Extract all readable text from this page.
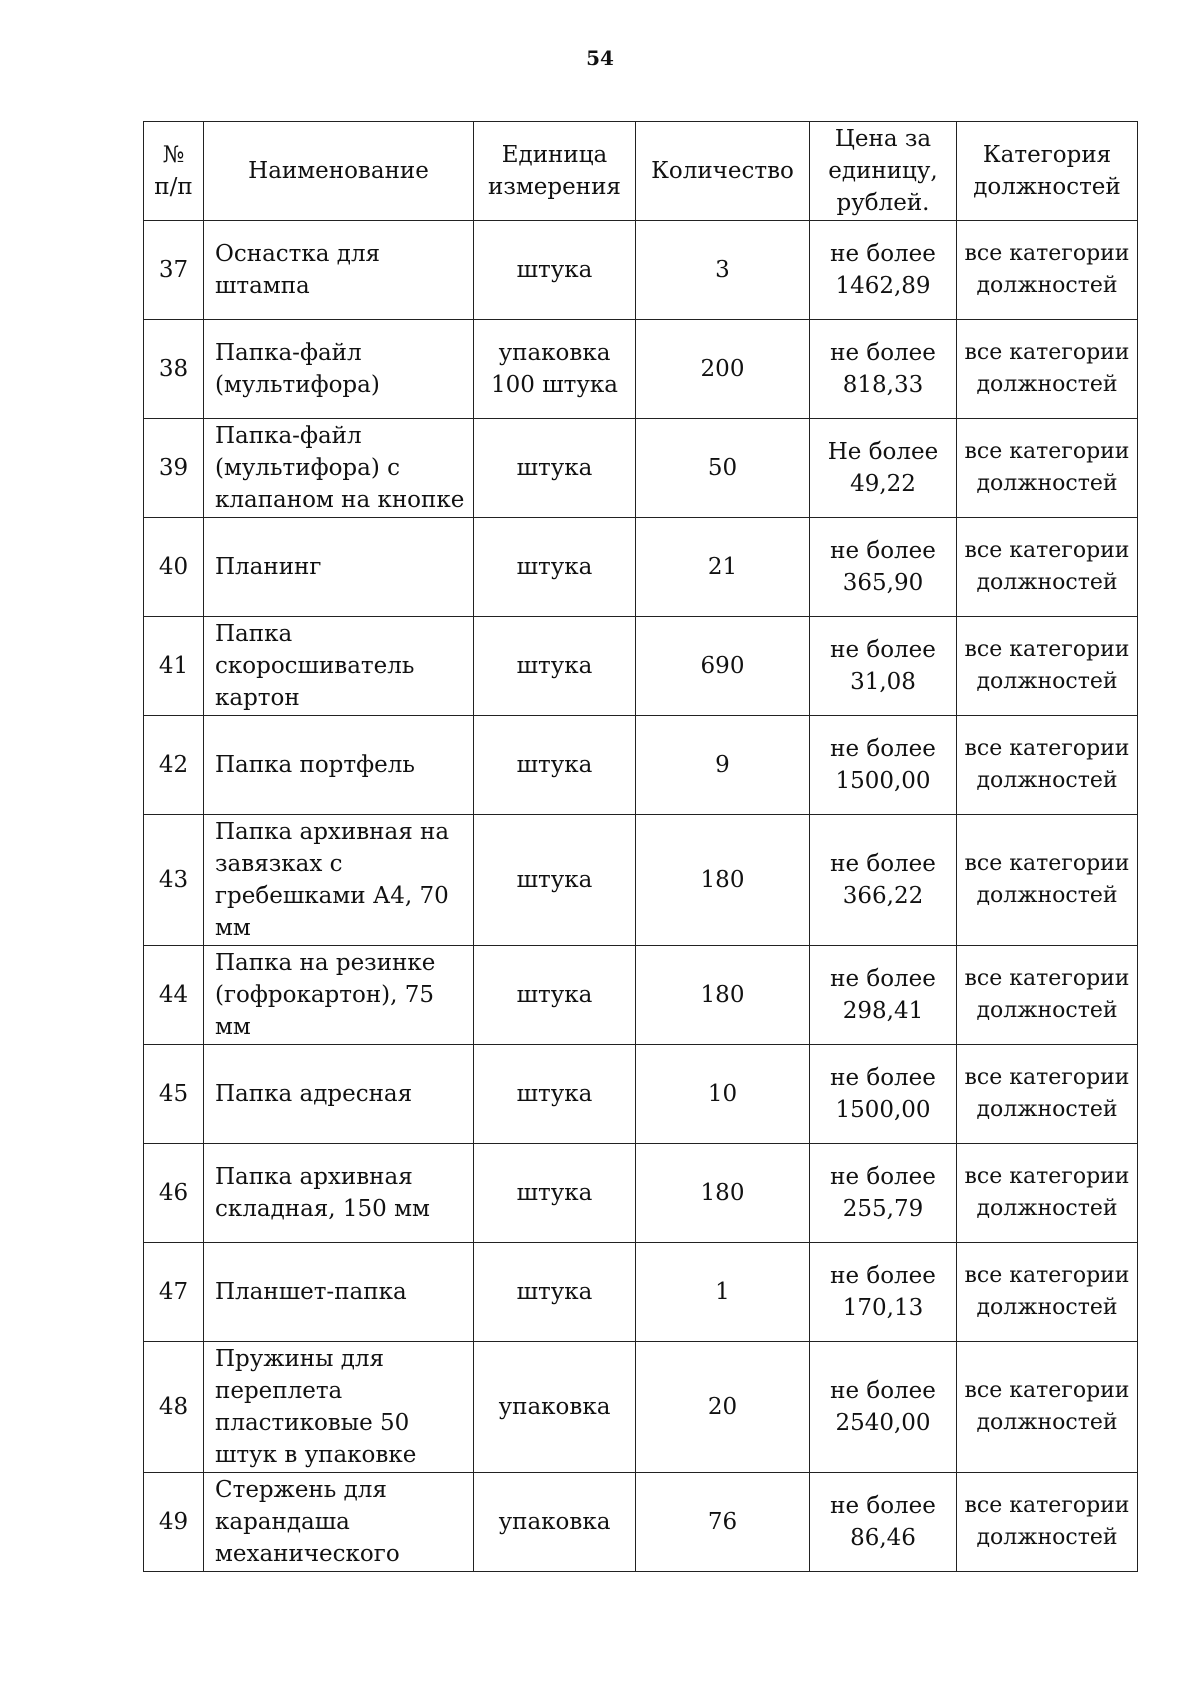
54
№ п/п	Наименование	Единица измерения	Количество	Цена за единицу, рублей.	Категория должностей
37	Оснастка для штампа	штука	3	не более 1462,89	все категории должностей
38	Папка-файл (мультифора)	упаковка 100 штука	200	не более 818,33	все категории должностей
39	Папка-файл (мультифора) с клапаном на кнопке	штука	50	Не более 49,22	все категории должностей
40	Планинг	штука	21	не более 365,90	все категории должностей
41	Папка скоросшиватель картон	штука	690	не более 31,08	все категории должностей
42	Папка портфель	штука	9	не более 1500,00	все категории должностей
43	Папка архивная на завязках с гребешками А4, 70 мм	штука	180	не более 366,22	все категории должностей
44	Папка на резинке (гофрокартон), 75 мм	штука	180	не более 298,41	все категории должностей
45	Папка адресная	штука	10	не более 1500,00	все категории должностей
46	Папка архивная складная, 150 мм	штука	180	не более 255,79	все категории должностей
47	Планшет-папка	штука	1	не более 170,13	все категории должностей
48	Пружины для переплета пластиковые 50 штук в упаковке	упаковка	20	не более 2540,00	все категории должностей
49	Стержень для карандаша механического	упаковка	76	не более 86,46	все категории должностей
